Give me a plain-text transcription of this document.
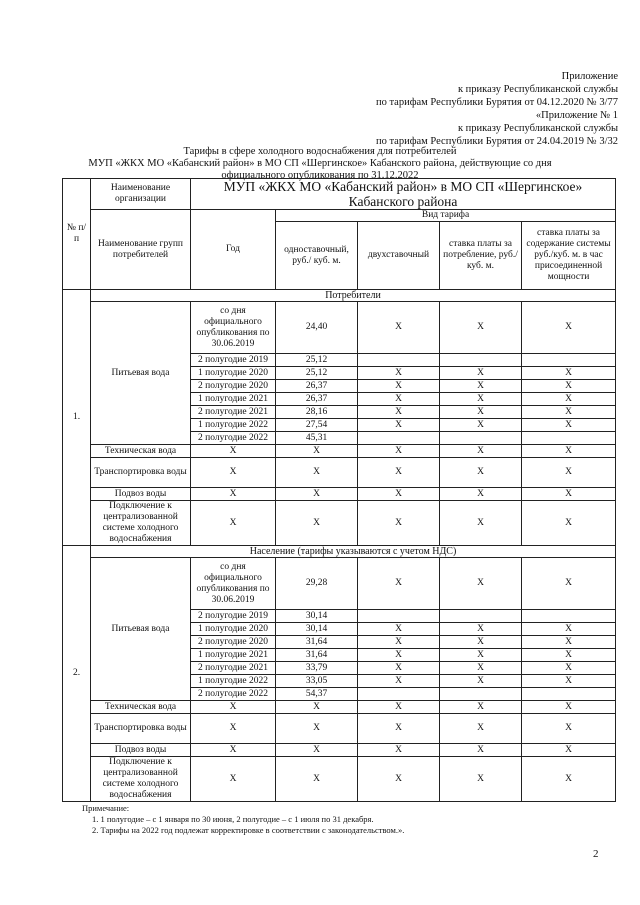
Приложение
к приказу Республиканской службы
по тарифам Республики Бурятия от 04.12.2020 № 3/77
«Приложение № 1
к приказу Республиканской службы
по тарифам Республики Бурятия от 24.04.2019 № 3/32
Тарифы в сфере холодного водоснабжения для потребителей
МУП «ЖКХ МО «Кабанский район» в МО СП «Шергинское» Кабанского района, действующие со дня
официального опубликования по 31.12.2022
№ п/п	Наименование организации	МУП «ЖКХ МО «Кабанский район» в МО СП «Шергинское» Кабанского района				
	Наименование групп потребителей	Год	Вид тарифа			
			одноставочный, руб./ куб. м.	двухставочный	ставка платы за потребление, руб./ куб. м.	ставка платы за содержание системы руб./куб. м. в час присоединенной мощности
1.	Потребители					
	Питьевая вода	со дня официального опубликования по 30.06.2019	24,40	Х	Х	Х
		2 полугодие 2019	25,12			
		1 полугодие 2020	25,12	Х	Х	Х
		2 полугодие 2020	26,37	Х	Х	Х
		1 полугодие 2021	26,37	Х	Х	Х
		2 полугодие 2021	28,16	Х	Х	Х
		1 полугодие 2022	27,54	Х	Х	Х
		2 полугодие 2022	45,31			
	Техническая вода	Х	Х	Х	Х	Х
	Транспортировка воды	Х	Х	Х	Х	Х
	Подвоз воды	Х	Х	Х	Х	Х
	Подключение к централизованной системе холодного водоснабжения	Х	Х	Х	Х	Х
2.	Население (тарифы указываются с учетом НДС)					
	Питьевая вода	со дня официального опубликования по 30.06.2019	29,28	Х	Х	Х
		2 полугодие 2019	30,14			
		1 полугодие 2020	30,14	Х	Х	Х
		2 полугодие 2020	31,64	Х	Х	Х
		1 полугодие 2021	31,64	Х	Х	Х
		2 полугодие 2021	33,79	Х	Х	Х
		1 полугодие 2022	33,05	Х	Х	Х
		2 полугодие 2022	54,37			
	Техническая вода	Х	Х	Х	Х	Х
	Транспортировка воды	Х	Х	Х	Х	Х
	Подвоз воды	Х	Х	Х	Х	Х
	Подключение к централизованной системе холодного водоснабжения	Х	Х	Х	Х	Х
Примечание:
1. 1 полугодие – с 1 января по 30 июня, 2 полугодие – с 1 июля по 31 декабря.
2. Тарифы на 2022 год подлежат корректировке в соответствии с законодательством.».
2
